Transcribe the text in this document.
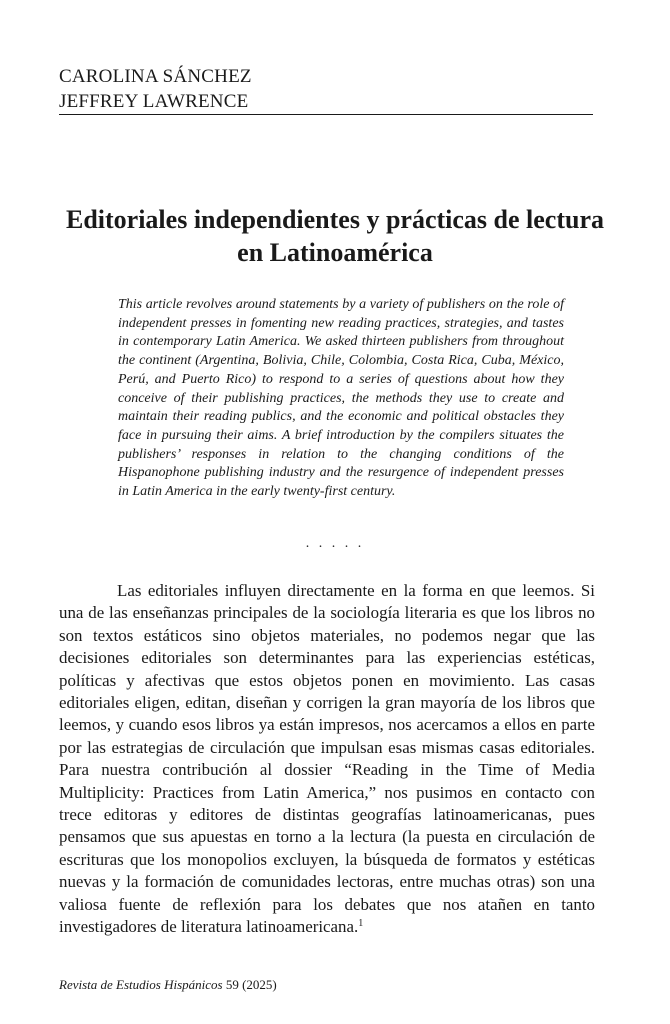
CAROLINA SÁNCHEZ
JEFFREY LAWRENCE
Editoriales independientes y prácticas de lectura en Latinoamérica
This article revolves around statements by a variety of publishers on the role of independent presses in fomenting new reading practices, strategies, and tastes in contemporary Latin America. We asked thirteen publishers from throughout the continent (Argentina, Bolivia, Chile, Colombia, Costa Rica, Cuba, México, Perú, and Puerto Rico) to respond to a series of questions about how they conceive of their publishing practices, the methods they use to create and maintain their reading publics, and the economic and political obstacles they face in pursuing their aims. A brief introduction by the compilers situates the publishers’ responses in relation to the changing conditions of the Hispanophone publishing industry and the resurgence of independent presses in Latin America in the early twenty-first century.
. . . . .

Las editoriales influyen directamente en la forma en que leemos. Si una de las enseñanzas principales de la sociología literaria es que los libros no son textos estáticos sino objetos materiales, no podemos negar que las decisiones editoriales son determinantes para las experiencias estéticas, políticas y afectivas que estos objetos ponen en movimiento. Las casas editoriales eligen, editan, diseñan y corrigen la gran mayoría de los libros que leemos, y cuando esos libros ya están impresos, nos acercamos a ellos en parte por las estrategias de circulación que impulsan esas mismas casas editoriales. Para nuestra contribución al dossier “Reading in the Time of Media Multiplicity: Practices from Latin America,” nos pusimos en contacto con trece editoras y editores de distintas geografías latinoamericanas, pues pensamos que sus apuestas en torno a la lectura (la puesta en circulación de escrituras que los monopolios excluyen, la búsqueda de formatos y estéticas nuevas y la formación de comunidades lectoras, entre muchas otras) son una valiosa fuente de reflexión para los debates que nos atañen en tanto investigadores de literatura latinoamericana.$^1$

Revista de Estudios Hispánicos 59 (2025)
